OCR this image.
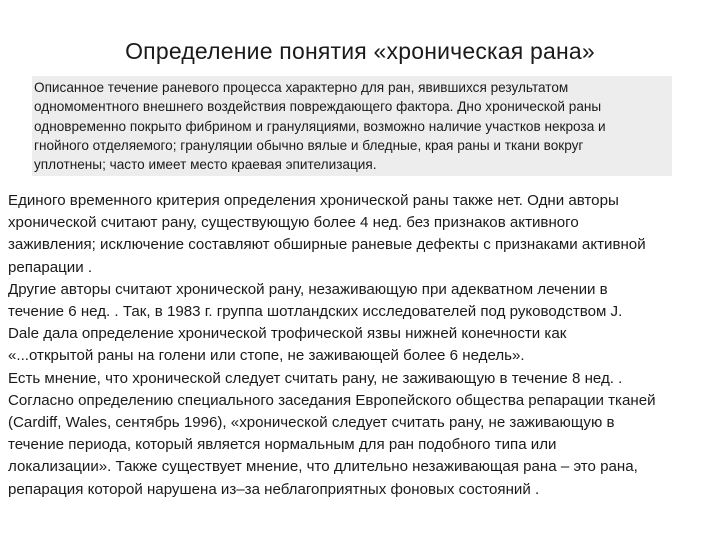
Определение понятия «хроническая рана»

Описанное течение раневого процесса характерно для ран, явившихся результатом
одномоментного внешнего воздействия повреждающего фактора. Дно хронической раны
одновременно покрыто фибрином и грануляциями, возможно наличие участков некроза и
гнойного отделяемого; грануляции обычно вялые и бледные, края раны и ткани вокруг
уплотнены; часто имеет место краевая эпителизация.

Единого временного критерия определения хронической раны также нет. Одни авторы
хронической считают рану, существующую более 4 нед. без признаков активного
заживления; исключение составляют обширные раневые дефекты с признаками активной
репарации .
Другие авторы считают хронической рану, незаживающую при адекватном лечении в
течение 6 нед. . Так, в 1983 г. группа шотландских исследователей под руководством J.
Dale дала определение хронической трофической язвы нижней конечности как
«...открытой раны на голени или стопе, не заживающей более 6 недель».
Есть мнение, что хронической следует считать рану, не заживающую в течение 8 нед. .
Согласно определению специального заседания Европейского общества репарации тканей
(Cardiff, Wales, сентябрь 1996), «хронической следует считать рану, не заживающую в
течение периода, который является нормальным для ран подобного типа или
локализации». Также существует мнение, что длительно незаживающая рана – это рана,
репарация которой нарушена из–за неблагоприятных фоновых состояний .
